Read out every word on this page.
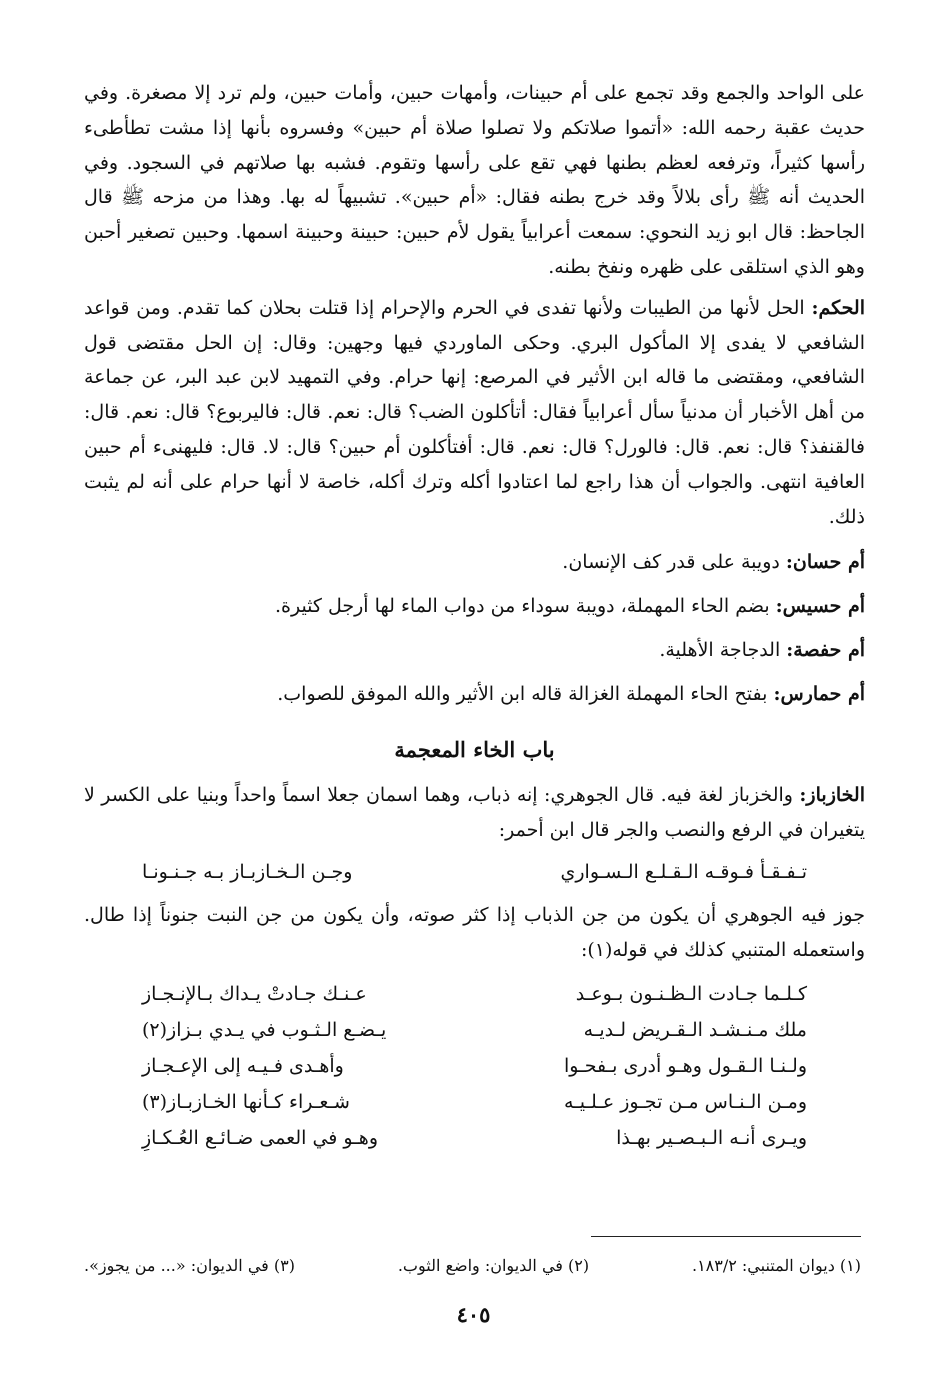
على الواحد والجمع وقد تجمع على أم حبينات، وأمهات حبين، وأمات حبين، ولم ترد إلا مصغرة. وفي حديث عقبة رحمه الله: «أتموا صلاتكم ولا تصلوا صلاة أم حبين» وفسروه بأنها إذا مشت تطأطىء رأسها كثيراً، وترفعه لعظم بطنها فهي تقع على رأسها وتقوم. فشبه بها صلاتهم في السجود. وفي الحديث أنه ﷺ رأى بلالاً وقد خرج بطنه فقال: «أم حبين». تشبيهاً له بها. وهذا من مزحه ﷺ قال الجاحظ: قال ابو زيد النحوي: سمعت أعرابياً يقول لأم حبين: حبينة وحبينة اسمها. وحبين تصغير أحبن وهو الذي استلقى على ظهره ونفخ بطنه.

الحكم: الحل لأنها من الطيبات ولأنها تفدى في الحرم والإحرام إذا قتلت بحلان كما تقدم. ومن قواعد الشافعي لا يفدى إلا المأكول البري. وحكى الماوردي فيها وجهين: وقال: إن الحل مقتضى قول الشافعي، ومقتضى ما قاله ابن الأثير في المرصع: إنها حرام. وفي التمهيد لابن عبد البر، عن جماعة من أهل الأخبار أن مدنياً سأل أعرابياً فقال: أتأكلون الضب؟ قال: نعم. قال: فاليربوع؟ قال: نعم. قال: فالقنفذ؟ قال: نعم. قال: فالورل؟ قال: نعم. قال: أفتأكلون أم حبين؟ قال: لا. قال: فليهنىء أم حبين العافية انتهى. والجواب أن هذا راجع لما اعتادوا أكله وترك أكله، خاصة لا أنها حرام على أنه لم يثبت ذلك.

أم حسان: دويبة على قدر كف الإنسان.

أم حسيس: بضم الحاء المهملة، دويبة سوداء من دواب الماء لها أرجل كثيرة.

أم حفصة: الدجاجة الأهلية.

أم حمارس: بفتح الحاء المهملة الغزالة قاله ابن الأثير والله الموفق للصواب.

باب الخاء المعجمة

الخازباز: والخزباز لغة فيه. قال الجوهري: إنه ذباب، وهما اسمان جعلا اسماً واحداً وبنيا على الكسر لا يتغيران في الرفع والنصب والجر قال ابن أحمر:

تـفـقـأ فـوقـه الـقـلـع الـسـواري
وجـن الـخـازبـاز بـه جـنـونـا

جوز فيه الجوهري أن يكون من جن الذباب إذا كثر صوته، وأن يكون من جن النبت جنوناً إذا طال. واستعمله المتنبي كذلك في قوله(١):

كـلـما جـادت الـظـنـون بـوعـد
عـنـك جـادتْ يـداك بـالإنـجـاز
ملك مـنـشـد الـقـريض لـديـه
يـضـع الـثـوب في يـدي بـزاز(٢)
ولـنـا الـقـول وهـو أدرى بـفحـوا
وأهـدى فـيـه إلى الإعـجـاز
ومـن الـنـاس مـن تجـوز عـلـيـه
شـعـراء كـأنها الخـازبـاز(٣)
ويـرى أنـه الـبـصـير بهـذا
وهـو في العمى ضـائـع العُـكـازِ
(١) ديوان المتنبي: ١٨٣/٢.
(٢) في الديوان: واضع الثوب.
(٣) في الديوان: «... من يجوز».
٤٠٥
